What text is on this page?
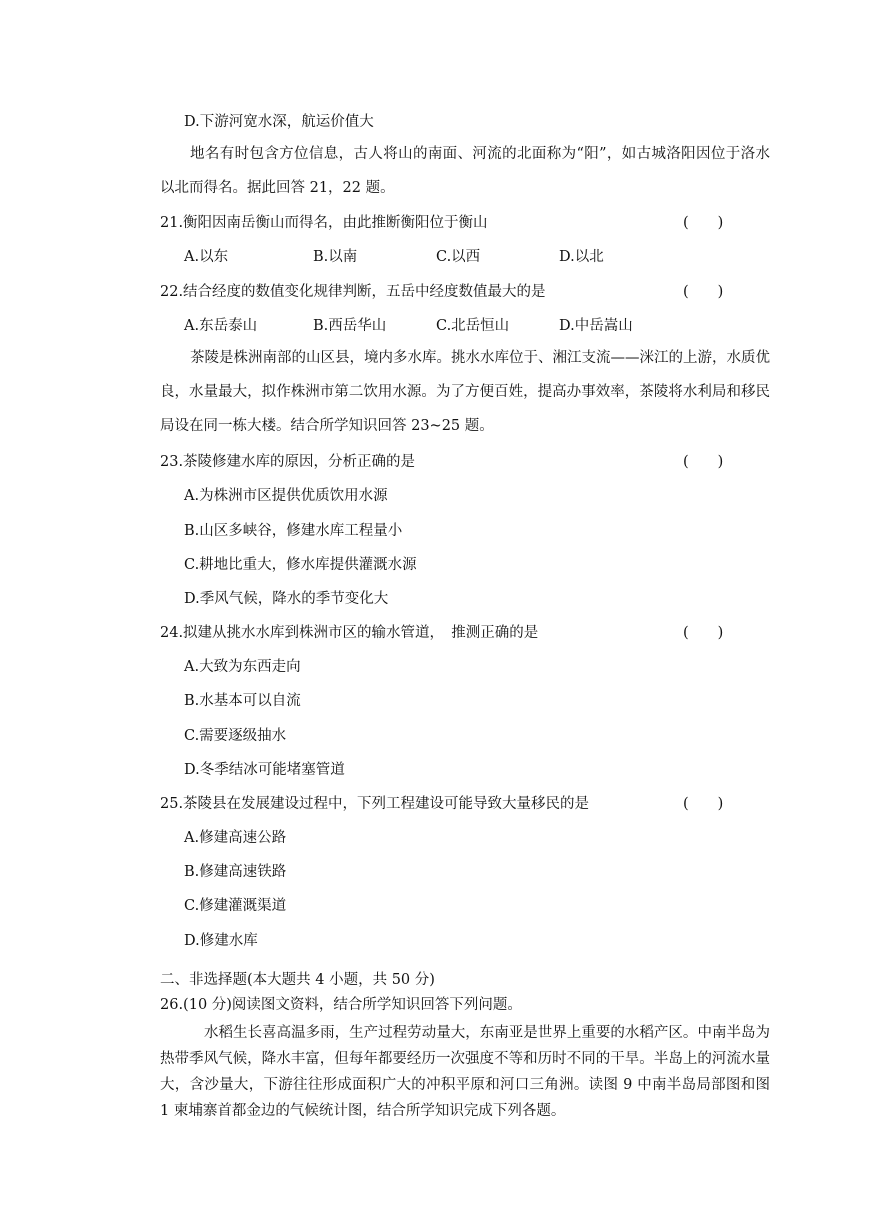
D.下游河宽水深，航运价值大
地名有时包含方位信息，古人将山的南面、河流的北面称为“阳”，如古城洛阳因位于洛水以北而得名。据此回答 21，22 题。
21.衡阳因南岳衡山而得名，由此推断衡阳位于衡山	(　　)
A.以东	B.以南	C.以西	D.以北
22.结合经度的数值变化规律判断，五岳中经度数值最大的是	(　　)
A.东岳泰山	B.西岳华山	C.北岳恒山	D.中岳嵩山
茶陵是株洲南部的山区县，境内多水库。挑水水库位于、湘江支流——洣江的上游，水质优良，水量最大，拟作株洲市第二饮用水源。为了方便百姓，提高办事效率，茶陵将水利局和移民局设在同一栋大楼。结合所学知识回答 23~25 题。
23.茶陵修建水库的原因，分析正确的是	(　　)
A.为株洲市区提供优质饮用水源
B.山区多峡谷，修建水库工程量小
C.耕地比重大，修水库提供灌溉水源
D.季风气候，降水的季节变化大
24.拟建从挑水水库到株洲市区的输水管道，　推测正确的是	(　　)
A.大致为东西走向
B.水基本可以自流
C.需要逐级抽水
D.冬季结冰可能堵塞管道
25.茶陵县在发展建设过程中，下列工程建设可能导致大量移民的是	(　　)
A.修建高速公路
B.修建高速铁路
C.修建灌溉渠道
D.修建水库
二、非选择题(本大题共 4 小题，共 50 分)
26.(10 分)阅读图文资料，结合所学知识回答下列问题。
水稻生长喜高温多雨，生产过程劳动量大，东南亚是世界上重要的水稻产区。中南半岛为热带季风气候，降水丰富，但每年都要经历一次强度不等和历时不同的干旱。半岛上的河流水量大，含沙量大，下游往往形成面积广大的冲积平原和河口三角洲。读图 9 中南半岛局部图和图 1 柬埔寨首都金边的气候统计图，结合所学知识完成下列各题。
